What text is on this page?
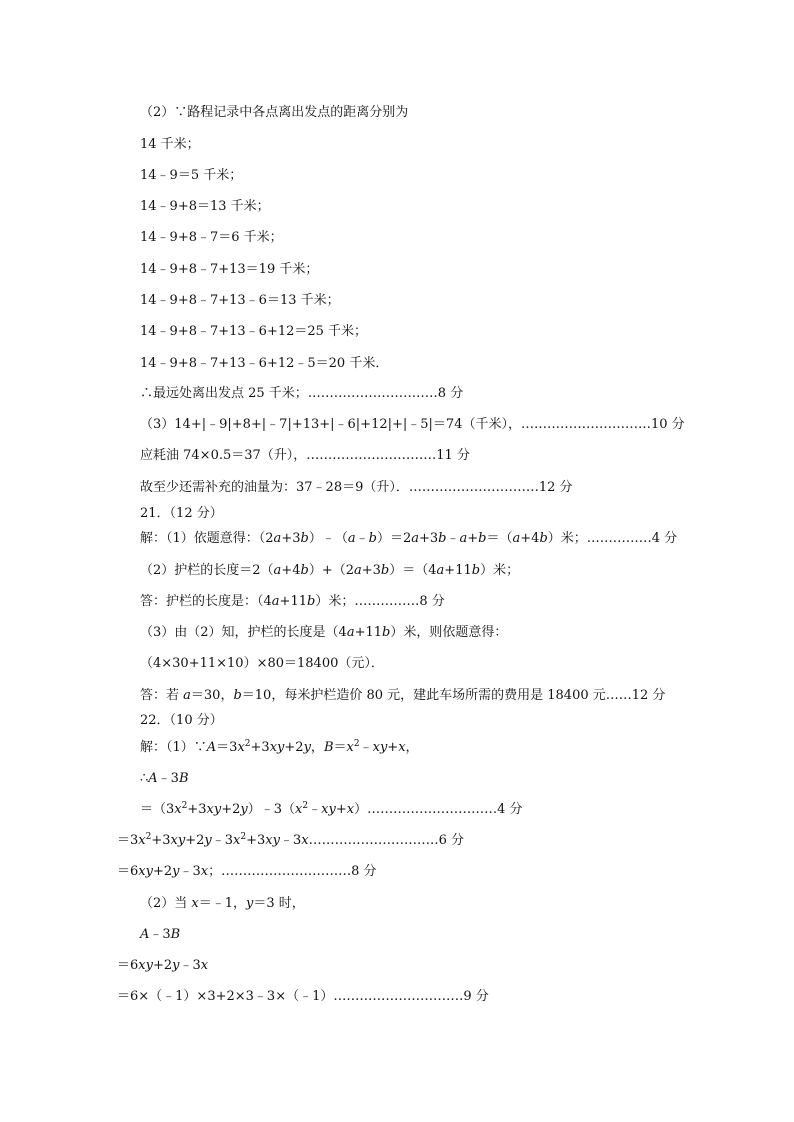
（2）∵路程记录中各点离出发点的距离分别为
14 千米；
14﹣9＝5 千米；
14﹣9+8＝13 千米；
14﹣9+8﹣7＝6 千米；
14﹣9+8﹣7+13＝19 千米；
14﹣9+8﹣7+13﹣6＝13 千米；
14﹣9+8﹣7+13﹣6+12＝25 千米；
14﹣9+8﹣7+13﹣6+12﹣5＝20 千米．
∴最远处离出发点 25 千米；…………………………8 分
（3）14+|﹣9|+8+|﹣7|+13+|﹣6|+12|+|﹣5|＝74（千米），…………………………10 分
应耗油 74×0.5＝37（升），…………………………11 分
故至少还需补充的油量为：37﹣28＝9（升）．…………………………12 分
21．（12 分）
解：（1）依题意得：（2a+3b）﹣（a﹣b）＝2a+3b﹣a+b＝（a+4b）米；……………4 分
（2）护栏的长度＝2（a+4b）+（2a+3b）＝（4a+11b）米；
答：护栏的长度是：（4a+11b）米；……………8 分
（3）由（2）知，护栏的长度是（4a+11b）米，则依题意得：
（4×30+11×10）×80＝18400（元）．
答：若 a＝30，b＝10，每米护栏造价 80 元，建此车场所需的费用是 18400 元……12 分
22．（10 分）
解：$(1)\because A=3x^2+3xy+2y$，$B=x^2﹣xy+x$，
∴A﹣3B
$=(3x^2+3xy+2y)﹣3(x^2﹣xy+x)\dots\dots\dots\dots\dots\dots\dots\dots\dots\dots 4$ 分
$=3x^2+3xy+2y﹣3x^2+3xy﹣3x\dots\dots\dots\dots\dots\dots\dots\dots\dots\dots 6$ 分
＝6xy+2y﹣3x；…………………………8 分
（2）当 x＝﹣1，y＝3 时，
A﹣3B
＝6xy+2y﹣3x
＝6×（﹣1）×3+2×3﹣3×（﹣1）…………………………9 分
